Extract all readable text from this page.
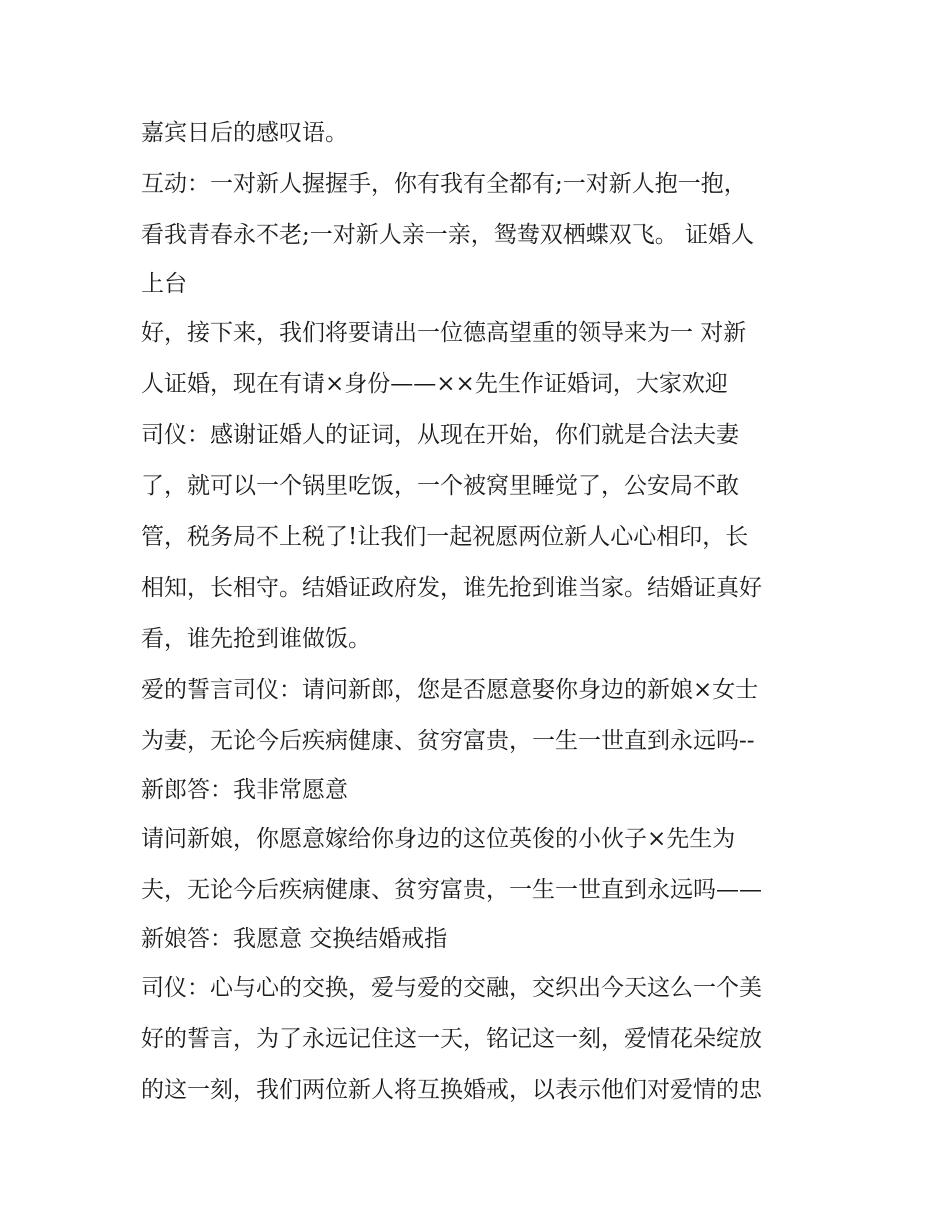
嘉宾日后的感叹语。
互动：一对新人握握手，你有我有全都有;一对新人抱一抱，
看我青春永不老;一对新人亲一亲，鸳鸯双栖蝶双飞。 证婚人
上台
好，接下来，我们将要请出一位德高望重的领导来为一 对新
人证婚，现在有请×身份——××先生作证婚词，大家欢迎
司仪：感谢证婚人的证词，从现在开始，你们就是合法夫妻
了，就可以一个锅里吃饭，一个被窝里睡觉了，公安局不敢
管，税务局不上税了!让我们一起祝愿两位新人心心相印，长
相知，长相守。结婚证政府发，谁先抢到谁当家。结婚证真好
看，谁先抢到谁做饭。
爱的誓言司仪：请问新郎，您是否愿意娶你身边的新娘×女士
为妻，无论今后疾病健康、贫穷富贵，一生一世直到永远吗--
新郎答：我非常愿意
请问新娘，你愿意嫁给你身边的这位英俊的小伙子×先生为
夫，无论今后疾病健康、贫穷富贵，一生一世直到永远吗——
新娘答：我愿意 交换结婚戒指
司仪：心与心的交换，爱与爱的交融，交织出今天这么一个美
好的誓言，为了永远记住这一天，铭记这一刻，爱情花朵绽放
的这一刻，我们两位新人将互换婚戒，以表示他们对爱情的忠
